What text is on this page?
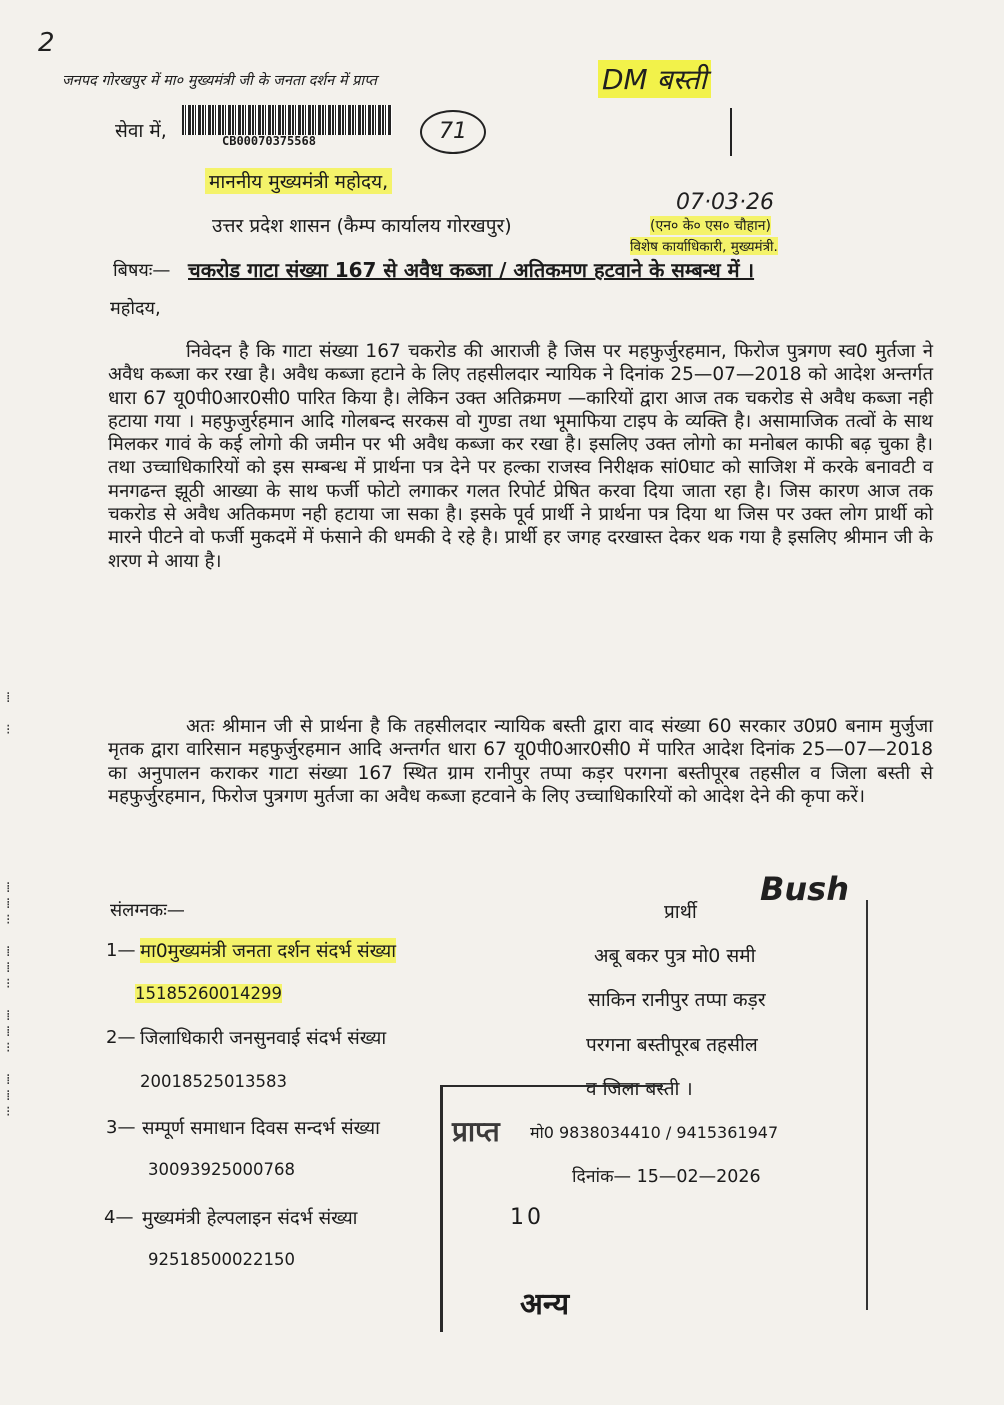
2
जनपद गोरखपुर में मा० मुख्यमंत्री जी के जनता दर्शन में प्राप्त	DM बस्ती
71
सेवा में,	CB00070375568
माननीय मुख्यमंत्री महोदय,
उत्तर प्रदेश शासन (कैम्प कार्यालय गोरखपुर)
07·03·26
(एन० के० एस० चौहान)
विशेष कार्याधिकारी, मुख्यमंत्री.
बिषयः— चकरोड गाटा संख्या 167 से अवैध कब्जा / अतिकमण हटवाने के सम्बन्ध में ।
महोदय,
निवेदन है कि गाटा संख्या 167 चकरोड की आराजी है जिस पर महफुर्जुरहमान, फिरोज पुत्रगण स्व0 मुर्तजा ने अवैध कब्जा कर रखा है। अवैध कब्जा हटाने के लिए तहसीलदार न्यायिक ने दिनांक 25—07—2018 को आदेश अन्तर्गत धारा 67 यू0पी0आर0सी0 पारित किया है। लेकिन उक्त अतिक्रमण —कारियों द्वारा आज तक चकरोड से अवैध कब्जा नही हटाया गया । महफुजुर्रहमान आदि गोलबन्द सरकस वो गुण्डा तथा भूमाफिया टाइप के व्यक्ति है। असामाजिक तत्वों के साथ मिलकर गावं के कई लोगो की जमीन पर भी अवैध कब्जा कर रखा है। इसलिए उक्त लोगो का मनोबल काफी बढ़ चुका है। तथा उच्चाधिकारियों को इस सम्बन्ध में प्रार्थना पत्र देने पर हल्का राजस्व निरीक्षक सां0घाट को साजिश में करके बनावटी व मनगढन्त झूठी आख्या के साथ फर्जी फोटो लगाकर गलत रिपोर्ट प्रेषित करवा दिया जाता रहा है। जिस कारण आज तक चकरोड से अवैध अतिकमण नही हटाया जा सका है। इसके पूर्व प्रार्थी ने प्रार्थना पत्र दिया था जिस पर उक्त लोग प्रार्थी को मारने पीटने वो फर्जी मुकदमें में फंसाने की धमकी दे रहे है। प्रार्थी हर जगह दरखास्त देकर थक गया है इसलिए श्रीमान जी के शरण मे आया है।
अतः श्रीमान जी से प्रार्थना है कि तहसीलदार न्यायिक बस्ती द्वारा वाद संख्या 60 सरकार उ0प्र0 बनाम मुर्जुजा मृतक द्वारा वारिसान महफुर्जुरहमान आदि अन्तर्गत धारा 67 यू0पी0आर0सी0 में पारित आदेश दिनांक 25—07—2018 का अनुपालन कराकर गाटा संख्या 167 स्थित ग्राम रानीपुर तप्पा कड़र परगना बस्तीपूरब तहसील व जिला बस्ती से महफुर्जुरहमान, फिरोज पुत्रगण मुर्तजा का अवैध कब्जा हटवाने के लिए उच्चाधिकारियों को आदेश देने की कृपा करें।
संलग्नकः—
1— मा0मुख्यमंत्री जनता दर्शन संदर्भ संख्या
15185260014299
2— जिलाधिकारी जनसुनवाई संदर्भ संख्या
20018525013583
3— सम्पूर्ण समाधान दिवस सन्दर्भ संख्या
30093925000768
4— मुख्यमंत्री हेल्पलाइन संदर्भ संख्या
92518500022150
प्रार्थी
Bush
अबू बकर पुत्र मो0 समी
साकिन रानीपुर तप्पा कड़र
परगना बस्तीपूरब तहसील
व जिला बस्ती ।
मो0 9838034410 / 9415361947
दिनांक— 15—02—2026
प्राप्त
10
अन्य
⁞

⁝
⁞
⁞
⁝

⁞
⁞
⁝

⁞
⁞
⁝

⁞
⁞
⁝
